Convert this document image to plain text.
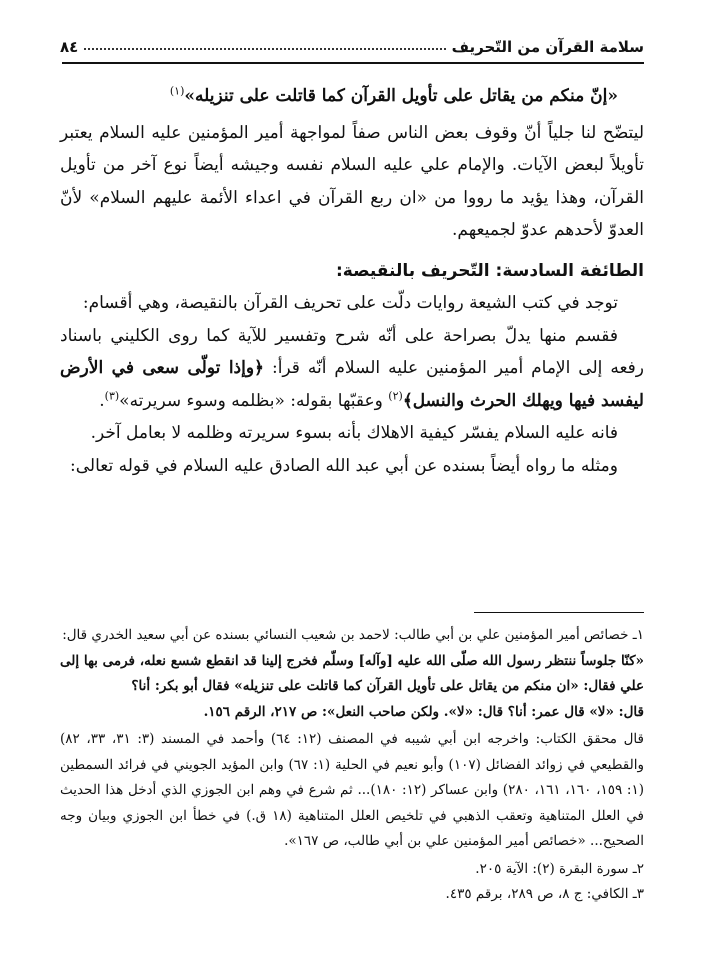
سلامة القرآن من التّحريف
٨٤

«إنّ منكم من يقاتل على تأويل القرآن كما قاتلت على تنزيله»$^{(١)}$

ليتضّح لنا جلياً أنّ وقوف بعض الناس صفاً لمواجهة أمير المؤمنين عليه السلام يعتبر تأويلاً لبعض الآيات. والإمام علي عليه السلام نفسه وجيشه أيضاً نوع آخر من تأويل القرآن، وهذا يؤيد ما رووا من «ان ربع القرآن في اعداء الأئمة عليهم السلام» لأنّ العدوّ لأحدهم عدوّ لجميعهم.

الطائفة السادسة: التّحريف بالنقيصة:

توجد في كتب الشيعة روايات دلّت على تحريف القرآن بالنقيصة، وهي أقسام:

فقسم منها يدلّ بصراحة على أنّه شرح وتفسير للآية كما روى الكليني باسناد رفعه إلى الإمام أمير المؤمنين عليه السلام أنّه قرأ: ﴿وإذا تولّى سعى في الأرض ليفسد فيها ويهلك الحرث والنسل﴾$^{(٢)}$ وعقبّها بقوله: «بظلمه وسوء سريرته»$^{(٣)}$.

فانه عليه السلام يفسّر كيفية الاهلاك بأنه بسوء سريرته وظلمه لا بعامل آخر.

ومثله ما رواه أيضاً بسنده عن أبي عبد الله الصادق عليه السلام في قوله تعالى:

١ـ خصائص أمير المؤمنين علي بن أبي طالب: لاحمد بن شعيب النسائي بسنده عن أبي سعيد الخدري قال:

«كنّا جلوساً ننتظر رسول الله صلّى الله عليه [وآله] وسلّم فخرج إلينا قد انقطع شسع نعله، فرمى بها إلى علي فقال: «ان منكم من يقاتل على تأويل القرآن كما قاتلت على تنزيله» فقال أبو بكر: أنا؟

قال: «لا» قال عمر: أنا؟ قال: «لا». ولكن صاحب النعل»: ص ٢١٧، الرقم ١٥٦.

قال محقق الكتاب: واخرجه ابن أبي شيبه في المصنف (١٢: ٦٤) وأحمد في المسند (٣: ٣١، ٣٣، ٨٢) والقطيعي في زوائد الفضائل (١٠٧) وأبو نعيم في الحلية (١: ٦٧) وابن المؤيد الجويني في فرائد السمطين (١: ١٥٩، ١٦٠، ١٦١، ٢٨٠) وابن عساكر (١٢: ١٨٠)... ثم شرع في وهم ابن الجوزي الذي أدخل هذا الحديث في العلل المتناهية وتعقب الذهبي في تلخيص العلل المتناهية (١٨ ق.) في خطأ ابن الجوزي وبيان وجه الصحيح... «خصائص أمير المؤمنين علي بن أبي طالب، ص ١٦٧».

٢ـ سورة البقرة (٢): الآية ٢٠٥.

٣ـ الكافي: ج ٨، ص ٢٨٩، برقم ٤٣٥.
